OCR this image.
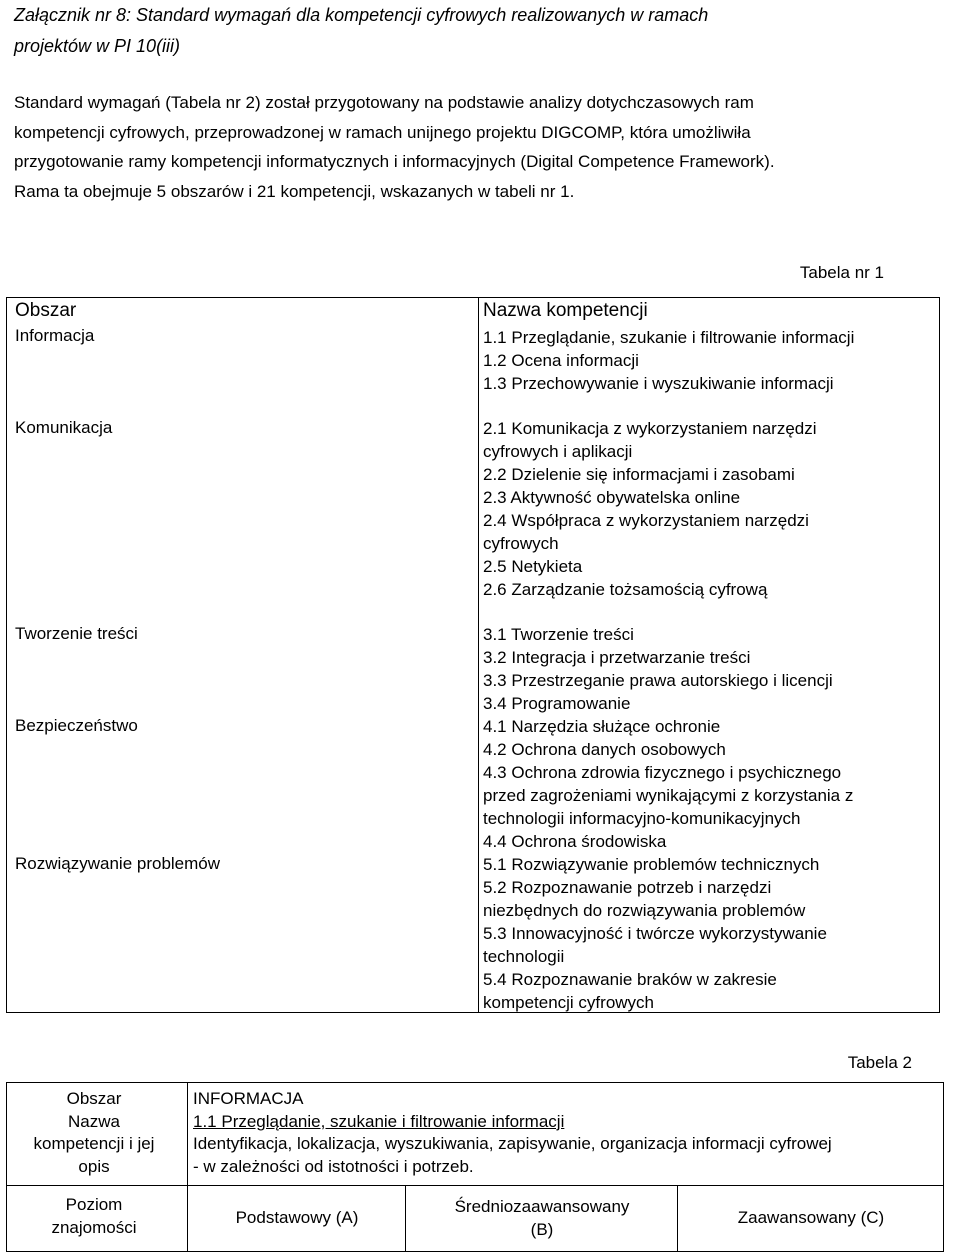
Załącznik nr 8: Standard wymagań dla kompetencji cyfrowych realizowanych w ramach
projektów w PI 10(iii)
Standard wymagań (Tabela nr 2) został przygotowany na podstawie analizy dotychczasowych ram
kompetencji cyfrowych, przeprowadzonej w ramach unijnego projektu DIGCOMP, która umożliwiła
przygotowanie ramy kompetencji informatycznych i informacyjnych (Digital Competence Framework).
Rama ta obejmuje 5 obszarów i 21 kompetencji, wskazanych w tabeli nr 1.
Tabela nr 1
Obszar
Informacja
Komunikacja
Tworzenie treści
Bezpieczeństwo
Rozwiązywanie problemów
Nazwa kompetencji
1.1 Przeglądanie, szukanie i filtrowanie informacji
1.2 Ocena informacji
1.3 Przechowywanie i wyszukiwanie informacji
2.1 Komunikacja z wykorzystaniem narzędzi
cyfrowych i aplikacji
2.2 Dzielenie się informacjami i zasobami
2.3 Aktywność obywatelska online
2.4 Współpraca z wykorzystaniem narzędzi
cyfrowych
2.5 Netykieta
2.6 Zarządzanie tożsamością cyfrową
3.1 Tworzenie treści
3.2 Integracja i przetwarzanie treści
3.3 Przestrzeganie prawa autorskiego i licencji
3.4 Programowanie
4.1 Narzędzia służące ochronie
4.2 Ochrona danych osobowych
4.3 Ochrona zdrowia fizycznego i psychicznego
przed zagrożeniami wynikającymi z korzystania z
technologii informacyjno-komunikacyjnych
4.4 Ochrona środowiska
5.1 Rozwiązywanie problemów technicznych
5.2 Rozpoznawanie potrzeb i narzędzi
niezbędnych do rozwiązywania problemów
5.3 Innowacyjność i twórcze wykorzystywanie
technologii
5.4 Rozpoznawanie braków w zakresie
kompetencji cyfrowych
Tabela 2
Obszar
Nazwa
kompetencji i jej
opis
Poziom
znajomości
INFORMACJA
1.1 Przeglądanie, szukanie i filtrowanie informacji
Identyfikacja, lokalizacja, wyszukiwania, zapisywanie, organizacja informacji cyfrowej
- w zależności od istotności i potrzeb.
Podstawowy (A)
Średniozaawansowany
(B)
Zaawansowany (C)
